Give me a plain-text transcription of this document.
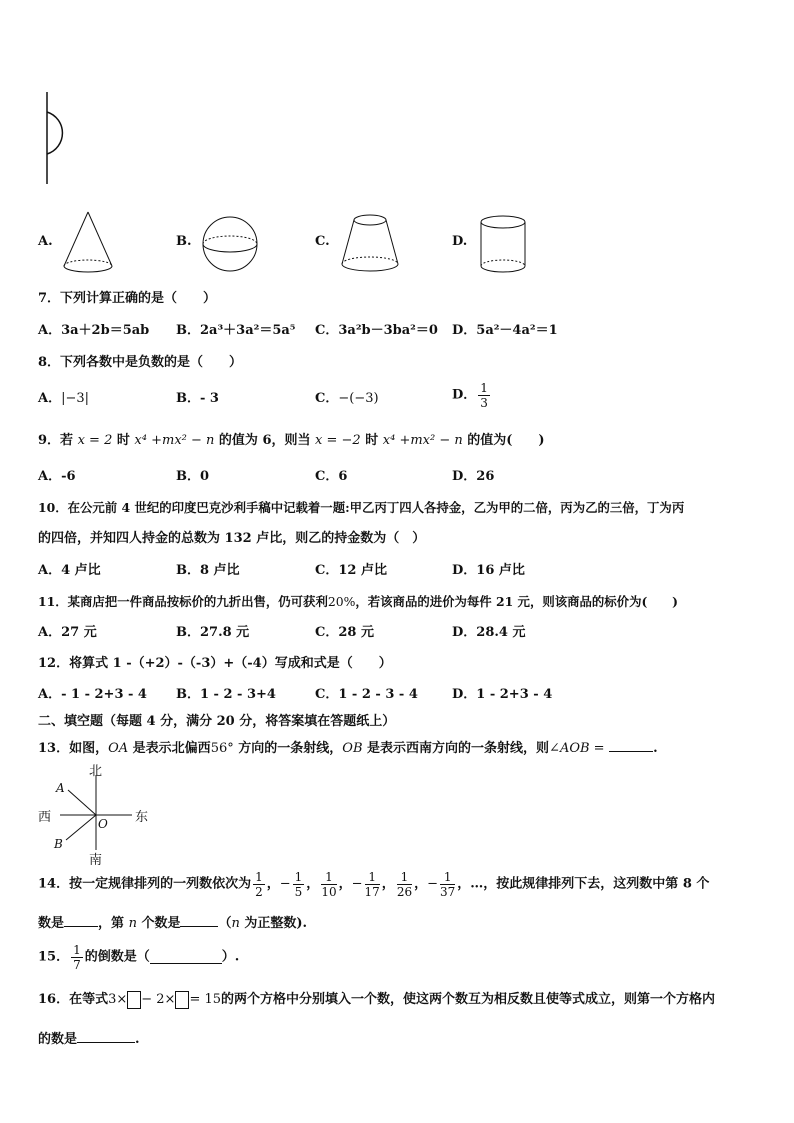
A.	B.	C.	D.
7．下列计算正确的是（　　）
A．3a＋2b＝5ab B．2a³＋3a²＝5a⁵ C．3a²b－3ba²＝0 D．5a²－4a²＝1
8．下列各数中是负数的是（　　）
A．|−3|	B．- 3	C．−(−3)	D． $\frac{1}{3}$
9．若 x = 2 时 x⁴ +mx² − n 的值为 6，则当 x = −2 时 x⁴ +mx² − n 的值为(　　)
A．-6	B．0	C．6	D．26
10．在公元前 4 世纪的印度巴克沙利手稿中记载着一题:甲乙丙丁四人各持金，乙为甲的二倍，丙为乙的三倍，丁为丙
的四倍，并知四人持金的总数为 132 卢比，则乙的持金数为（　）
A．4 卢比	B．8 卢比	C．12 卢比	D．16 卢比
11．某商店把一件商品按标价的九折出售，仍可获利20%，若该商品的进价为每件 21 元，则该商品的标价为(　　)
A．27 元	B．27.8 元	C．28 元	D．28.4 元
12．将算式 1 -（+2）-（-3）+（-4）写成和式是（　　）
A．- 1 - 2+3 - 4 B．1 - 2 - 3+4	C．1 - 2 - 3 - 4	D．1 - 2+3 - 4
二、填空题（每题 4 分，满分 20 分，将答案填在答题纸上）
13．如图，OA 是表示北偏西56° 方向的一条射线，OB 是表示西南方向的一条射线，则∠AOB =	.
北
南
西	东
A
B
O
14．按一定规律排列的一列数依次为 $\frac{1}{2}$ ，− $\frac{1}{5}$ ， $\frac{1}{10}$ ，− $\frac{1}{17}$ ， $\frac{1}{26}$ ，− $\frac{1}{37}$ ，…，按此规律排列下去，这列数中第 8 个
数是	，第 n 个数是	（n 为正整数).
15． $\frac{1}{7}$ 的倒数是（	）.
16．在等式3× − 2× = 15的两个方格中分别填入一个数，使这两个数互为相反数且使等式成立，则第一个方格内
的数是	.
